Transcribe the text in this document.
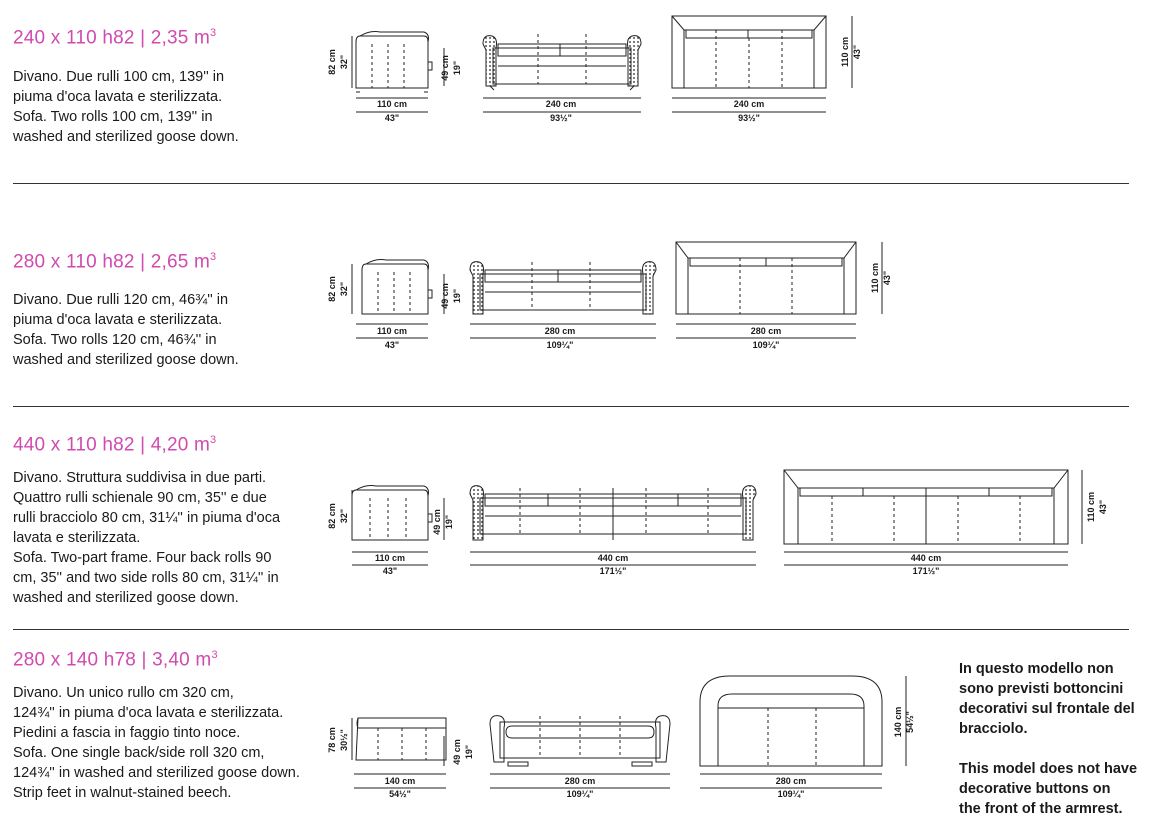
240 x 110 h82 | 2,35 $m^3$
Divano. Due rulli 100 cm, 139'' in
piuma d'oca lavata e sterilizzata.
Sofa. Two rolls 100 cm, 139'' in
washed and sterilized goose down.
280 x 110 h82 | 2,65 $m^3$
Divano. Due rulli 120 cm, 46¾'' in
piuma d'oca lavata e sterilizzata.
Sofa. Two rolls 120 cm, 46¾'' in
washed and sterilized goose down.
440 x 110 h82 | 4,20 $m^3$
Divano. Struttura suddivisa in due parti.
Quattro rulli schienale 90 cm, 35'' e due
rulli bracciolo 80 cm, 31¼'' in piuma d'oca
lavata e sterilizzata.
Sofa. Two-part frame. Four back rolls 90
cm, 35'' and two side rolls 80 cm, 31¼'' in
washed and sterilized goose down.
280 x 140 h78 | 3,40 $m^3$
Divano. Un unico rullo cm 320 cm,
124¾'' in piuma d'oca lavata e sterilizzata.
Piedini a fascia in faggio tinto noce.
Sofa. One single back/side roll 320 cm,
124¾'' in washed and sterilized goose down.
Strip feet in walnut-stained beech.
In questo modello non
sono previsti bottoncini
decorativi sul frontale del
bracciolo.
This model does not have
decorative buttons on
the front of the armrest.
110 cm
43"
82 cm 32"
240 cm
93½"
49 cm 19"
240 cm
93½"
110 cm 43"
110 cm
43"
82 cm 32"
280 cm
109¼"
49 cm 19"
280 cm
109¼"
110 cm 43"
110 cm
43"
82 cm 32"
440 cm
171½"
49 cm 19"
440 cm
171½"
110 cm 43"
140 cm
54½"
78 cm 30½"
280 cm
109¼"
49 cm 19"
280 cm
109¼"
140 cm 54½"
